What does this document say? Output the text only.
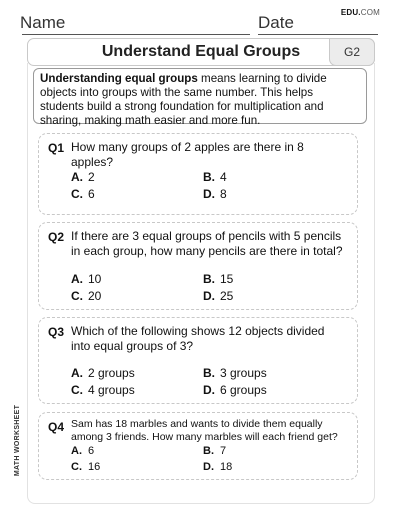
Name	Date
EDU.COM
Understand Equal Groups	G2
Understanding equal groups means learning to divide objects into groups with the same number. This helps students build a strong foundation for multiplication and sharing, making math easier and more fun.
Q1 How many groups of 2 apples are there in 8 apples?
A. 2	B. 4
C. 6	D. 8
Q2 If there are 3 equal groups of pencils with 5 pencils in each group, how many pencils are there in total?
A. 10	B. 15
C. 20	D. 25
Q3 Which of the following shows 12 objects divided into equal groups of 3?
A. 2 groups	B. 3 groups
C. 4 groups	D. 6 groups
Q4 Sam has 18 marbles and wants to divide them equally among 3 friends. How many marbles will each friend get?
A. 6	B. 7
C. 16	D. 18
MATH WORKSHEET
